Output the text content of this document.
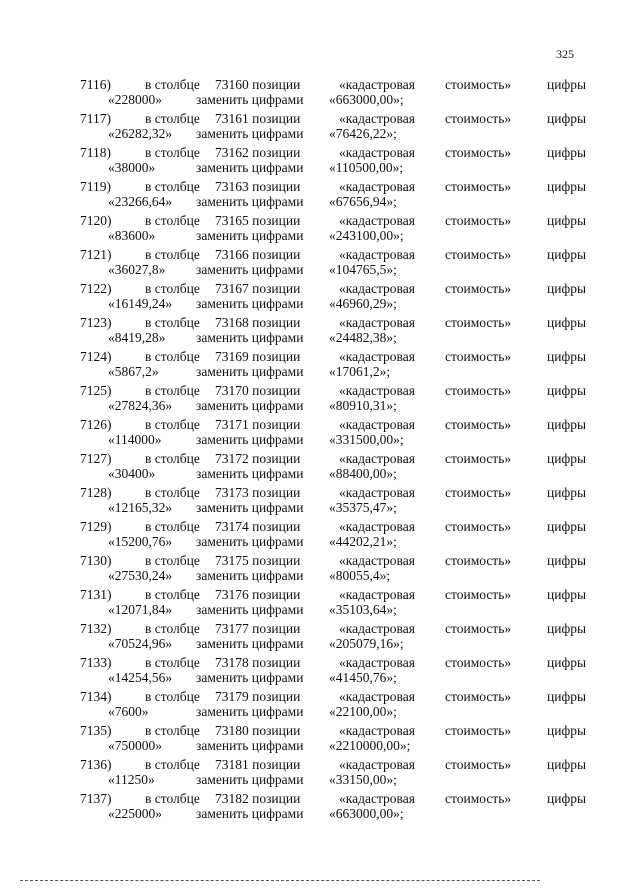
325
7116)	в столбце 73160 позиции	«кадастровая стоимость»	цифры
«228000»	заменить цифрами «663000,00»;
7117)	в столбце 73161 позиции	«кадастровая стоимость»	цифры
«26282,32» заменить цифрами «76426,22»;
7118)	в столбце 73162 позиции	«кадастровая стоимость»	цифры
«38000»	заменить цифрами «110500,00»;
7119)	в столбце 73163 позиции	«кадастровая стоимость»	цифры
«23266,64» заменить цифрами «67656,94»;
7120) в столбце 73165 позиции	«кадастровая стоимость»	цифры
«83600»	заменить цифрами «243100,00»;
7121) в столбце 73166 позиции	«кадастровая стоимость»	цифры
«36027,8» заменить цифрами «104765,5»;
7122) в столбце 73167 позиции	«кадастровая стоимость»	цифры
«16149,24» заменить цифрами «46960,29»;
7123) в столбце 73168 позиции	«кадастровая стоимость»	цифры
«8419,28» заменить цифрами «24482,38»;
7124) в столбце 73169 позиции	«кадастровая стоимость»	цифры
«5867,2»	заменить цифрами «17061,2»;
7125) в столбце 73170 позиции	«кадастровая стоимость»	цифры
«27824,36» заменить цифрами «80910,31»;
7126) в столбце 73171 позиции	«кадастровая стоимость»	цифры
«114000»	заменить цифрами «331500,00»;
7127) в столбце 73172 позиции	«кадастровая стоимость»	цифры
«30400»	заменить цифрами «88400,00»;
7128) в столбце 73173 позиции	«кадастровая стоимость»	цифры
«12165,32» заменить цифрами «35375,47»;
7129) в столбце 73174 позиции	«кадастровая стоимость»	цифры
«15200,76» заменить цифрами «44202,21»;
7130) в столбце 73175 позиции	«кадастровая стоимость»	цифры
«27530,24» заменить цифрами «80055,4»;
7131) в столбце 73176 позиции	«кадастровая стоимость»	цифры
«12071,84» заменить цифрами «35103,64»;
7132) в столбце 73177 позиции	«кадастровая стоимость»	цифры
«70524,96» заменить цифрами «205079,16»;
7133) в столбце 73178 позиции	«кадастровая стоимость»	цифры
«14254,56» заменить цифрами «41450,76»;
7134) в столбце 73179 позиции	«кадастровая стоимость»	цифры
«7600»	заменить цифрами «22100,00»;
7135) в столбце 73180 позиции	«кадастровая стоимость»	цифры
«750000»	заменить цифрами «2210000,00»;
7136) в столбце 73181 позиции	«кадастровая стоимость»	цифры
«11250»	заменить цифрами «33150,00»;
7137) в столбце 73182 позиции	«кадастровая стоимость»	цифры
«225000»	заменить цифрами «663000,00»;
